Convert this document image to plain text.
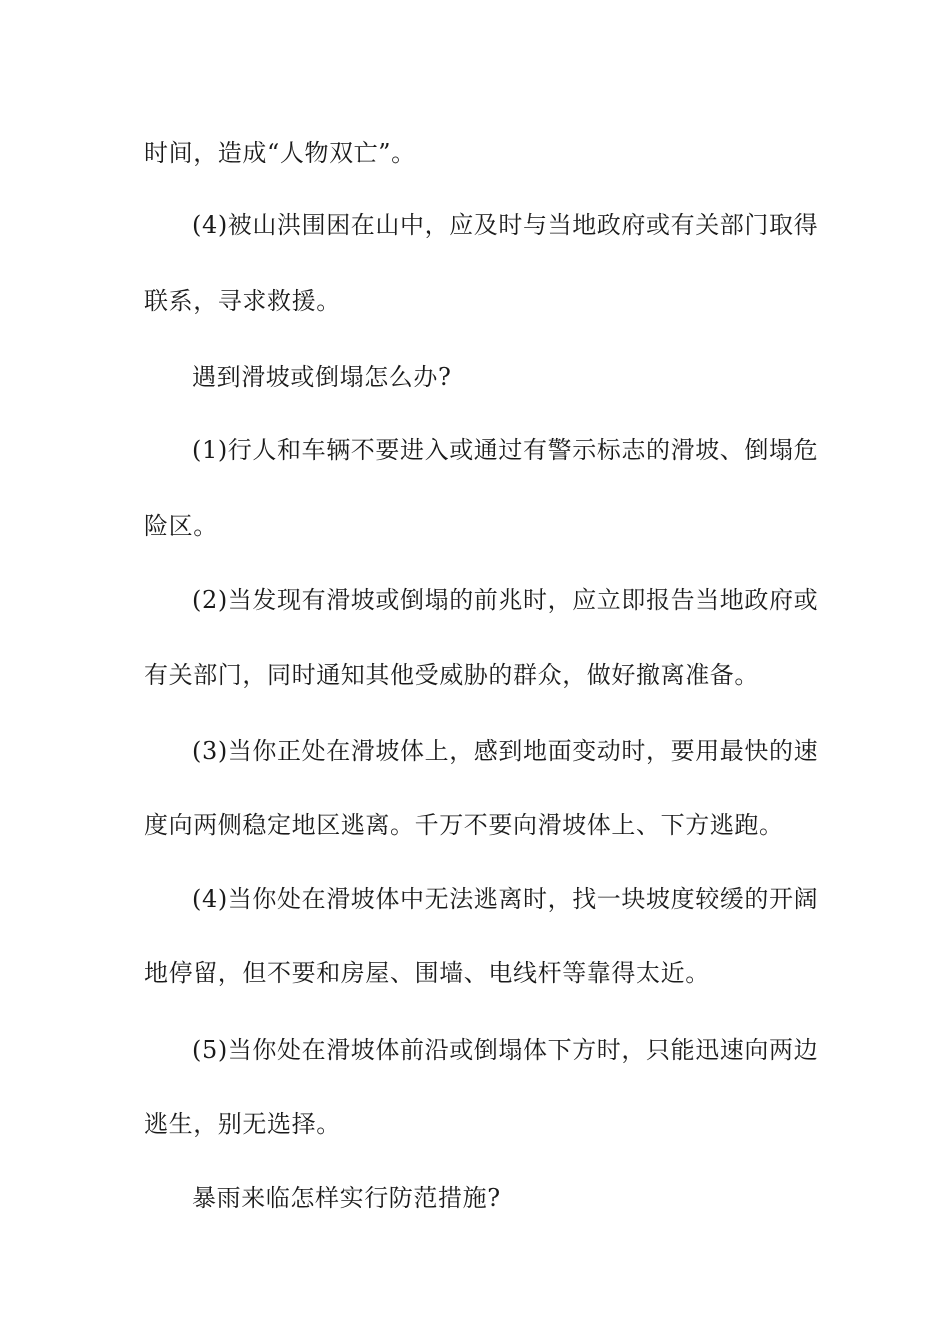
时间，造成“人物双亡”。
(4)被山洪围困在山中，应及时与当地政府或有关部门取得
联系，寻求救援。
遇到滑坡或倒塌怎么办?
(1)行人和车辆不要进入或通过有警示标志的滑坡、倒塌危
险区。
(2)当发现有滑坡或倒塌的前兆时，应立即报告当地政府或
有关部门，同时通知其他受威胁的群众，做好撤离准备。
(3)当你正处在滑坡体上，感到地面变动时，要用最快的速
度向两侧稳定地区逃离。千万不要向滑坡体上、下方逃跑。
(4)当你处在滑坡体中无法逃离时，找一块坡度较缓的开阔
地停留，但不要和房屋、围墙、电线杆等靠得太近。
(5)当你处在滑坡体前沿或倒塌体下方时，只能迅速向两边
逃生，别无选择。
暴雨来临怎样实行防范措施?
